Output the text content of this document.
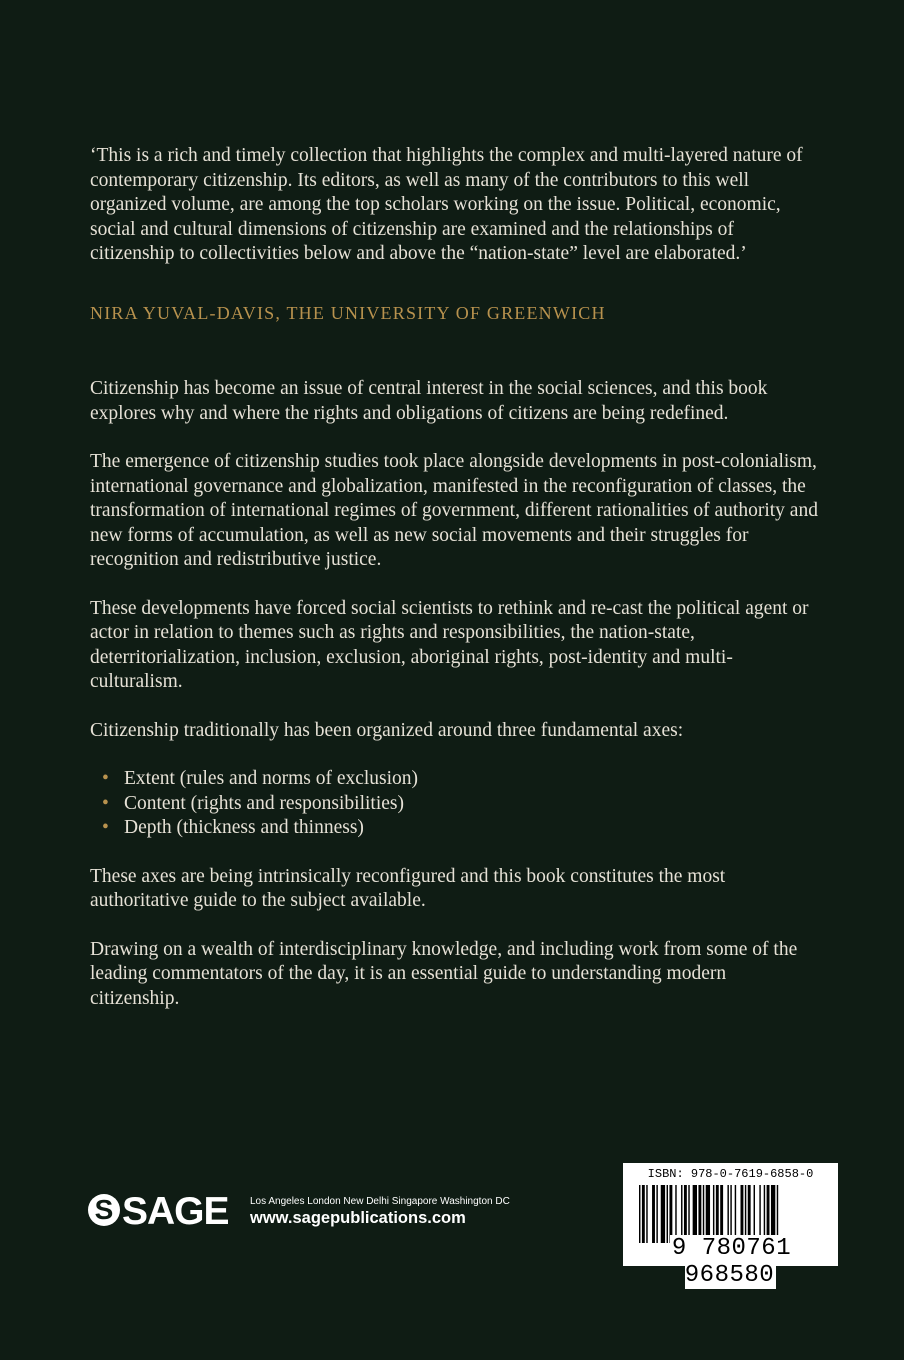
‘This is a rich and timely collection that highlights the complex and multi-layered nature of contemporary citizenship. Its editors, as well as many of the contributors to this well organized volume, are among the top scholars working on the issue. Political, economic, social and cultural dimensions of citizenship are examined and the relationships of citizenship to collectivities below and above the “nation-state” level are elaborated.’

NIRA YUVAL-DAVIS, THE UNIVERSITY OF GREENWICH

Citizenship has become an issue of central interest in the social sciences, and this book explores why and where the rights and obligations of citizens are being redefined.

The emergence of citizenship studies took place alongside developments in post-colonialism, international governance and globalization, manifested in the reconfiguration of classes, the transformation of international regimes of government, different rationalities of authority and new forms of accumulation, as well as new social movements and their struggles for recognition and redistributive justice.

These developments have forced social scientists to rethink and re-cast the political agent or actor in relation to themes such as rights and responsibilities, the nation-state, deterritorialization, inclusion, exclusion, aboriginal rights, post-identity and multi-culturalism.

Citizenship traditionally has been organized around three fundamental axes:

• Extent (rules and norms of exclusion)
• Content (rights and responsibilities)
• Depth (thickness and thinness)

These axes are being intrinsically reconfigured and this book constitutes the most authoritative guide to the subject available.

Drawing on a wealth of interdisciplinary knowledge, and including work from some of the leading commentators of the day, it is an essential guide to understanding modern citizenship.

S SAGE Los Angeles London New Delhi Singapore Washington DC
www.sagepublications.com
ISBN: 978-0-7619-6858-0
9 780761 968580
